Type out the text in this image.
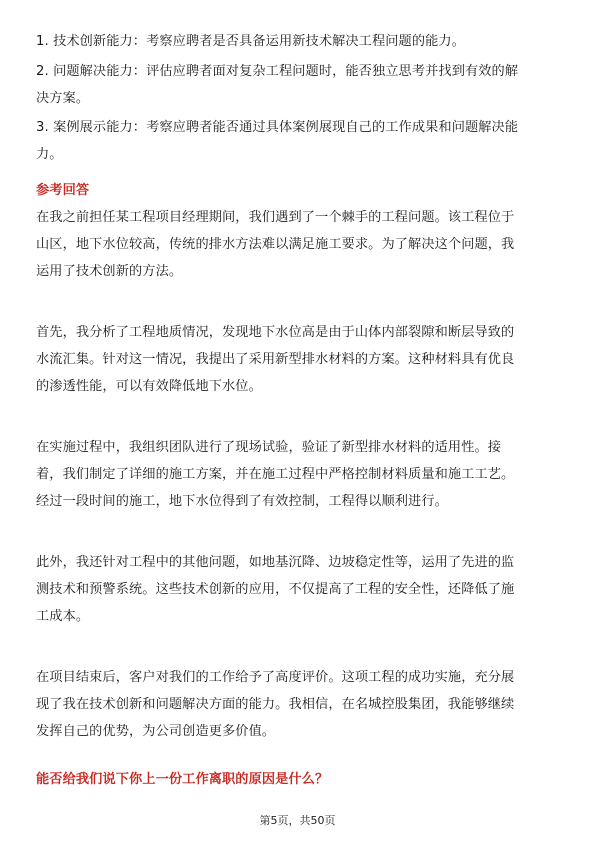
1. 技术创新能力：考察应聘者是否具备运用新技术解决工程问题的能力。
2. 问题解决能力：评估应聘者面对复杂工程问题时，能否独立思考并找到有效的解
决方案。
3. 案例展示能力：考察应聘者能否通过具体案例展现自己的工作成果和问题解决能
力。
参考回答
在我之前担任某工程项目经理期间，我们遇到了一个棘手的工程问题。该工程位于
山区，地下水位较高，传统的排水方法难以满足施工要求。为了解决这个问题，我
运用了技术创新的方法。
首先，我分析了工程地质情况，发现地下水位高是由于山体内部裂隙和断层导致的
水流汇集。针对这一情况，我提出了采用新型排水材料的方案。这种材料具有优良
的渗透性能，可以有效降低地下水位。
在实施过程中，我组织团队进行了现场试验，验证了新型排水材料的适用性。接
着，我们制定了详细的施工方案，并在施工过程中严格控制材料质量和施工工艺。
经过一段时间的施工，地下水位得到了有效控制，工程得以顺利进行。
此外，我还针对工程中的其他问题，如地基沉降、边坡稳定性等，运用了先进的监
测技术和预警系统。这些技术创新的应用，不仅提高了工程的安全性，还降低了施
工成本。
在项目结束后，客户对我们的工作给予了高度评价。这项工程的成功实施，充分展
现了我在技术创新和问题解决方面的能力。我相信，在名城控股集团，我能够继续
发挥自己的优势，为公司创造更多价值。
能否给我们说下你上一份工作离职的原因是什么？
第5页，共50页
